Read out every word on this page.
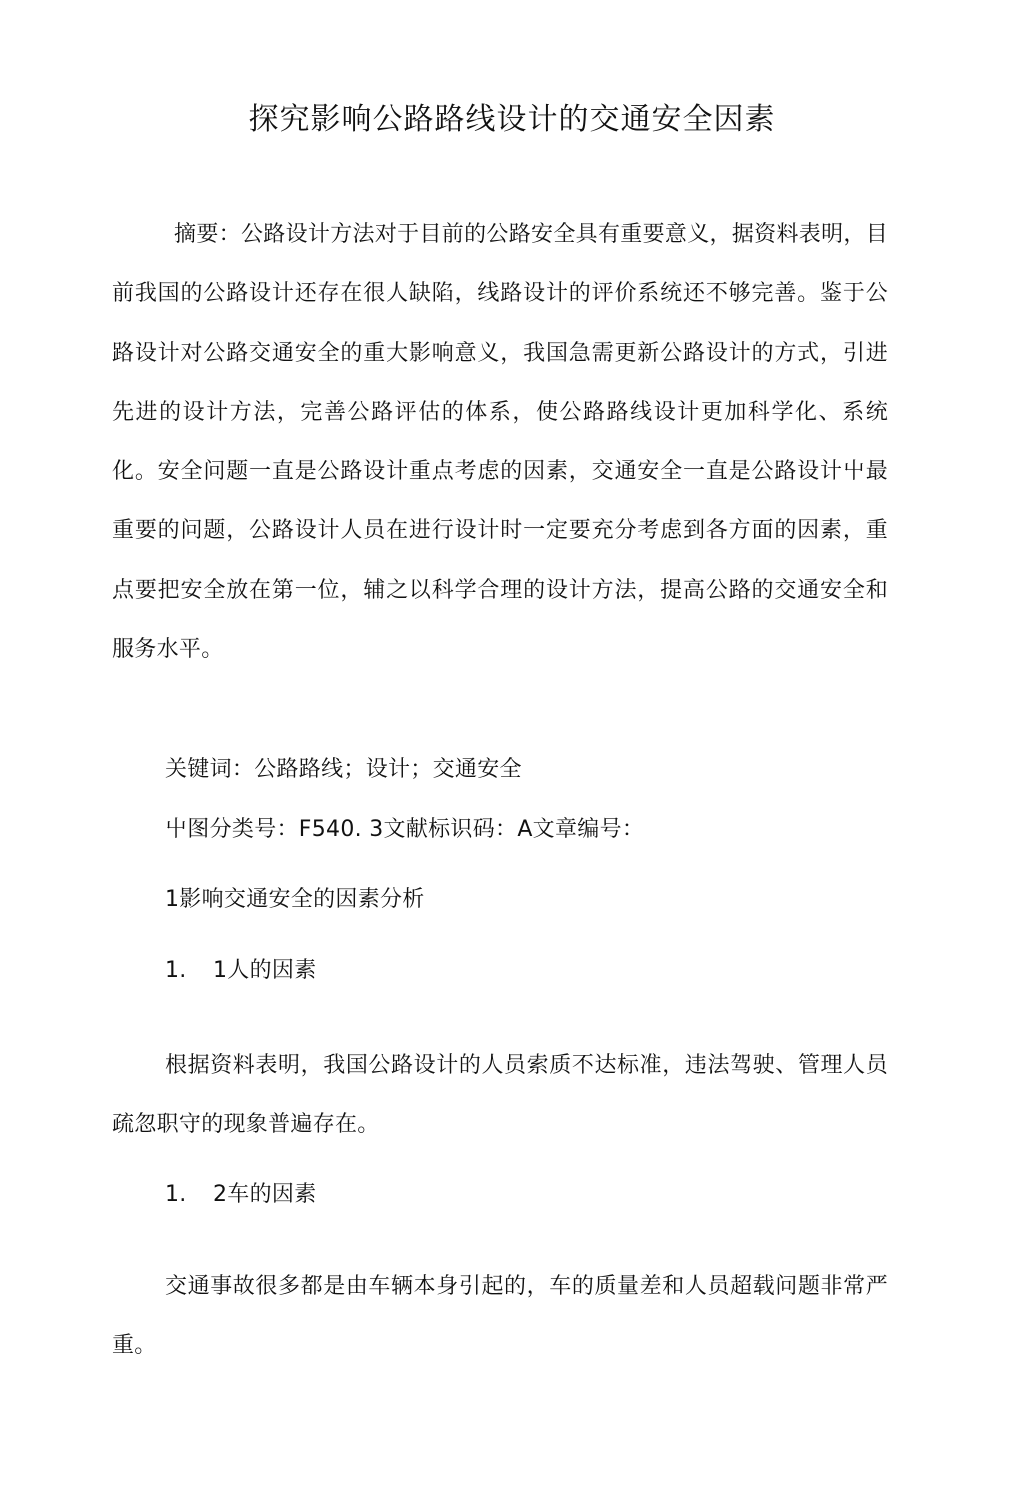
探究影响公路路线设计的交通安全因素

摘要：公路设计方法对于目前的公路安全具有重要意义，据资料表明，目前我国的公路设计还存在很人缺陷，线路设计的评价系统还不够完善。鉴于公路设计对公路交通安全的重大影响意义，我国急需更新公路设计的方式，引进先进的设计方法，完善公路评估的体系，使公路路线设计更加科学化、系统化。安全问题一直是公路设计重点考虑的因素，交通安全一直是公路设计屮最重要的问题，公路设计人员在进行设计时一定要充分考虑到各方面的因素，重点要把安全放在第一位，辅之以科学合理的设计方法，提高公路的交通安全和服务水平。

关键词：公路路线；设计；交通安全

屮图分类号：F540. 3文献标识码：A文章编号：

1影响交通安全的因素分析

1. 1人的因素

根据资料表明，我国公路设计的人员索质不达标准，违法驾驶、管理人员疏忽职守的现象普遍存在。

1. 2车的因素

交通事故很多都是由车辆本身引起的，车的质量差和人员超载问题非常严重。
